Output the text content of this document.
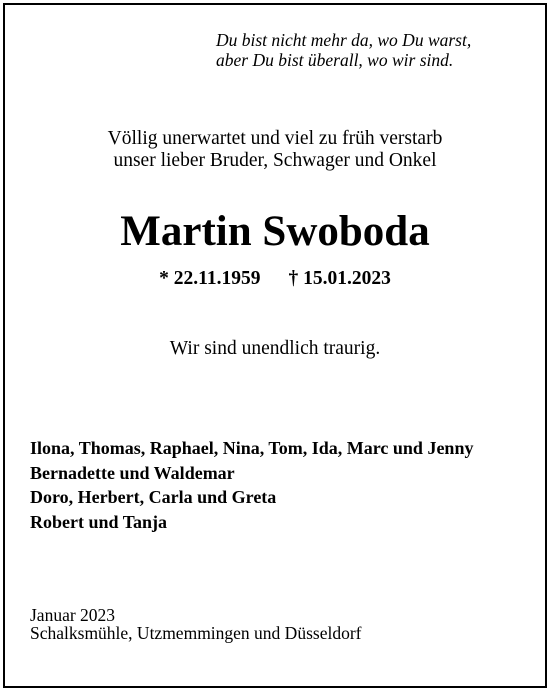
Du bist nicht mehr da, wo Du warst,
aber Du bist überall, wo wir sind.
Völlig unerwartet und viel zu früh verstarb
unser lieber Bruder, Schwager und Onkel
Martin Swoboda
* 22.11.1959 † 15.01.2023
Wir sind unendlich traurig.
Ilona, Thomas, Raphael, Nina, Tom, Ida, Marc und Jenny
Bernadette und Waldemar
Doro, Herbert, Carla und Greta
Robert und Tanja
Januar 2023
Schalksmühle, Utzmemmingen und Düsseldorf
